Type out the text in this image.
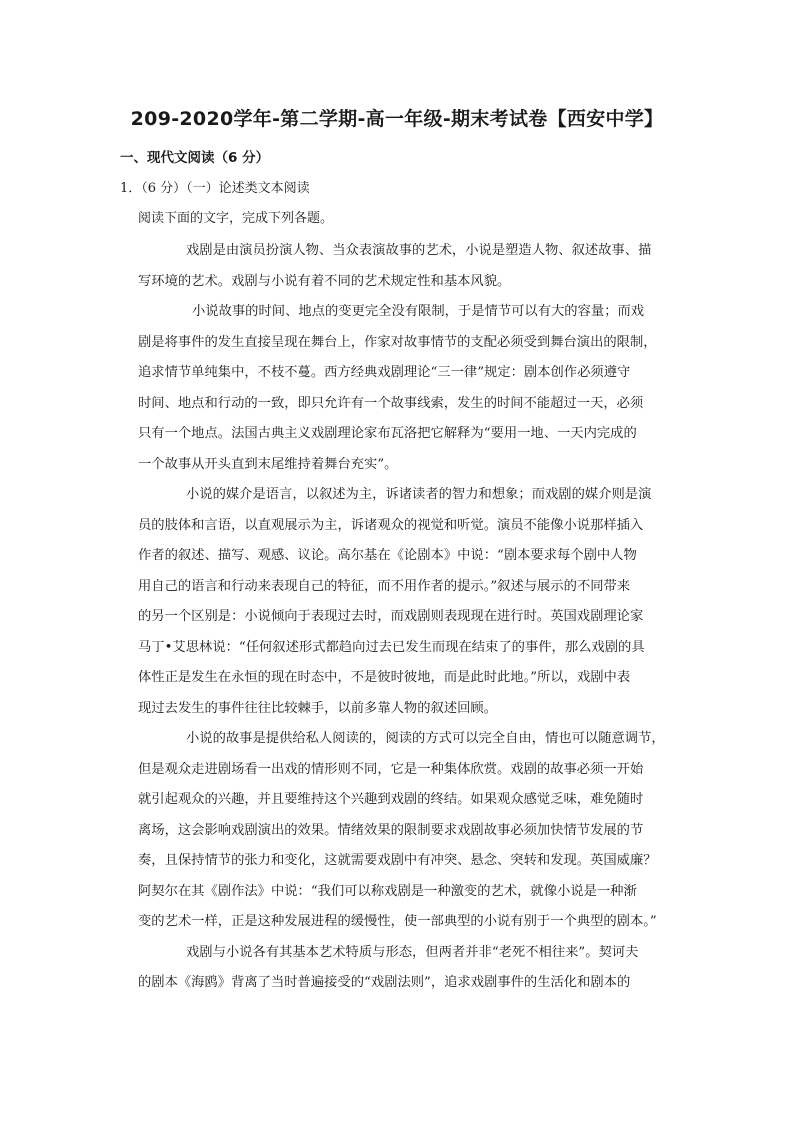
209-2020学年-第二学期-高一年级-期末考试卷【西安中学】
一、现代文阅读（6 分）
1．（6 分）（一）论述类文本阅读
阅读下面的文字，完成下列各题。
戏剧是由演员扮演人物、当众表演故事的艺术，小说是塑造人物、叙述故事、描
写环境的艺术。戏剧与小说有着不同的艺术规定性和基本风貌。
小说故事的时间、地点的变更完全没有限制，于是情节可以有大的容量；而戏
剧是将事件的发生直接呈现在舞台上，作家对故事情节的支配必须受到舞台演出的限制，
追求情节单纯集中，不枝不蔓。西方经典戏剧理论“三一律”规定：剧本创作必须遵守
时间、地点和行动的一致，即只允许有一个故事线索，发生的时间不能超过一天，必须
只有一个地点。法国古典主义戏剧理论家布瓦洛把它解释为“要用一地、一天内完成的
一个故事从开头直到末尾维持着舞台充实”。
小说的媒介是语言，以叙述为主，诉诸读者的智力和想象；而戏剧的媒介则是演
员的肢体和言语，以直观展示为主，诉诸观众的视觉和听觉。演员不能像小说那样插入
作者的叙述、描写、观感、议论。高尔基在《论剧本》中说：“剧本要求每个剧中人物
用自己的语言和行动来表现自己的特征，而不用作者的提示。”叙述与展示的不同带来
的另一个区别是：小说倾向于表现过去时，而戏剧则表现现在进行时。英国戏剧理论家
马丁•艾思林说：“任何叙述形式都趋向过去已发生而现在结束了的事件，那么戏剧的具
体性正是发生在永恒的现在时态中，不是彼时彼地，而是此时此地。”所以，戏剧中表
现过去发生的事件往往比较棘手，以前多靠人物的叙述回顾。
小说的故事是提供给私人阅读的，阅读的方式可以完全自由，情也可以随意调节，
但是观众走进剧场看一出戏的情形则不同，它是一种集体欣赏。戏剧的故事必须一开始
就引起观众的兴趣，并且要维持这个兴趣到戏剧的终结。如果观众感觉乏味，难免随时
离场，这会影响戏剧演出的效果。情绪效果的限制要求戏剧故事必须加快情节发展的节
奏，且保持情节的张力和变化，这就需要戏剧中有冲突、悬念、突转和发现。英国威廉？
阿契尔在其《剧作法》中说：“我们可以称戏剧是一种激变的艺术，就像小说是一种渐
变的艺术一样，正是这种发展进程的缓慢性，使一部典型的小说有别于一个典型的剧本。”
戏剧与小说各有其基本艺术特质与形态，但两者并非“老死不相往来”。契诃夫
的剧本《海鸥》背离了当时普遍接受的“戏剧法则”，追求戏剧事件的生活化和剧本的
